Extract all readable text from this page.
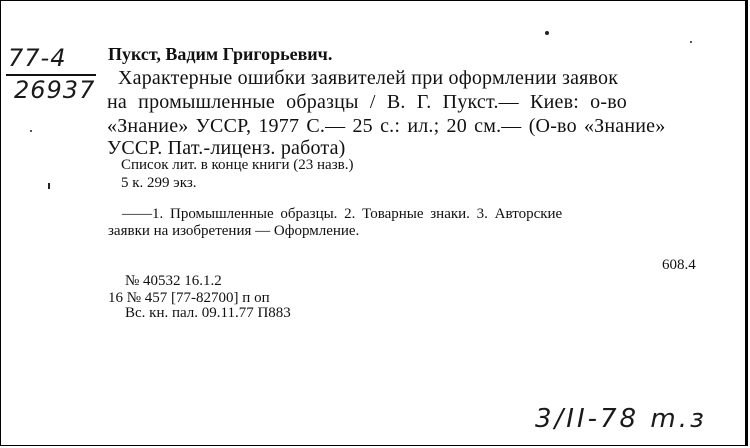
77-4
26937
Пукст, Вадим Григорьевич.
Характерные ошибки заявителей при оформлении заявок
на промышленные образцы / В. Г. Пукст.— Киев: о-во
«Знание» УССР, 1977 С.— 25 с.: ил.; 20 см.— (О-во «Знание»
УССР. Пат.-лиценз. работа)
Список лит. в конце книги (23 назв.)
5 к. 299 экз.
——1. Промышленные образцы. 2. Товарные знаки. 3. Авторские
заявки на изобретения — Оформление.
608.4
№ 40532 16.1.2
16 № 457 [77-82700] п оп
Вс. кн. пал. 09.11.77 П883
3/II-78 m.з
